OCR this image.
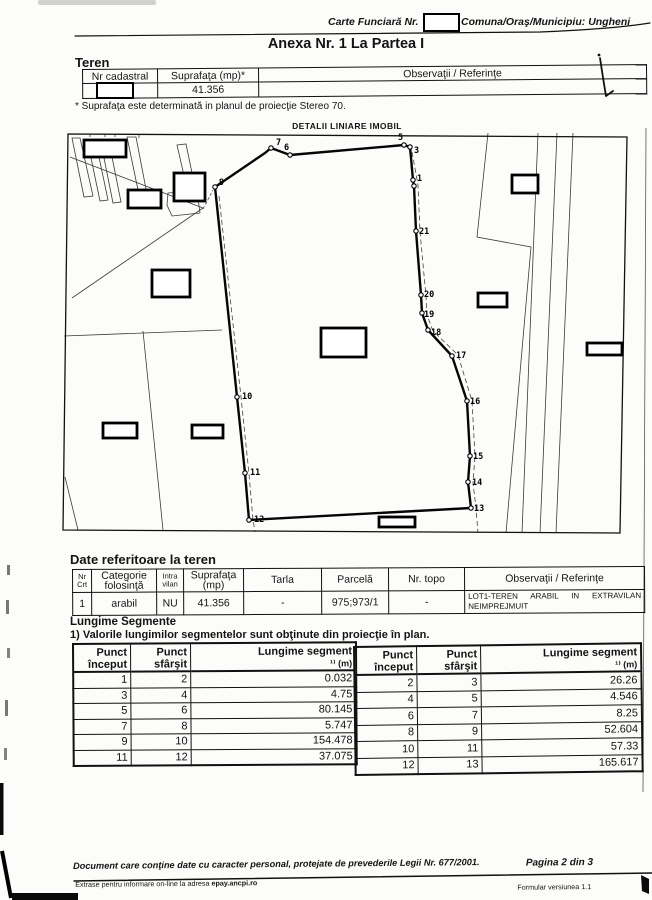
9
7 6
5
3
1
21
20
19
18
17
16
15
14
13
12
11
10
Carte Funciară Nr.	Comuna/Oraş/Municipiu: Ungheni
Anexa Nr. 1 La Partea I
Teren
Nr cadastral	Suprafaţa (mp)*	Observaţii / Referinţe
	41.356	
* Suprafaţa este determinată in planul de proiecţie Stereo 70.
DETALII LINIARE IMOBIL
Date referitoare la teren
Nr Crt	Categorie folosinţă	Intra vilan	Suprafaţa (mp)	Tarla	Parcelă	Nr. topo	Observaţii / Referinţe
1	arabil	NU	41.356	-	975;973/1	-	LOT1-TEREN ARABIL IN EXTRAVILAN NEIMPREJMUIT
Lungime Segmente
1) Valorile lungimilor segmentelor sunt obţinute din proiecţie în plan.
Punct început	Punct sfârşit	Lungime segment
¹⁾ (m)

1	2	0.032
3	4	4.75
5	6	80.145
7	8	5.747
9	10	154.478
11	12	37.075
Punct început	Punct sfârşit	Lungime segment
¹⁾ (m)

2	3	26.26
4	5	4.546
6	7	8.25
8	9	52.604
10	11	57.33
12	13	165.617
Document care conţine date cu caracter personal, protejate de prevederile Legii Nr. 677/2001.	Pagina 2 din 3
Extrase pentru informare on-line la adresa epay.ancpi.ro	Formular versiunea 1.1
